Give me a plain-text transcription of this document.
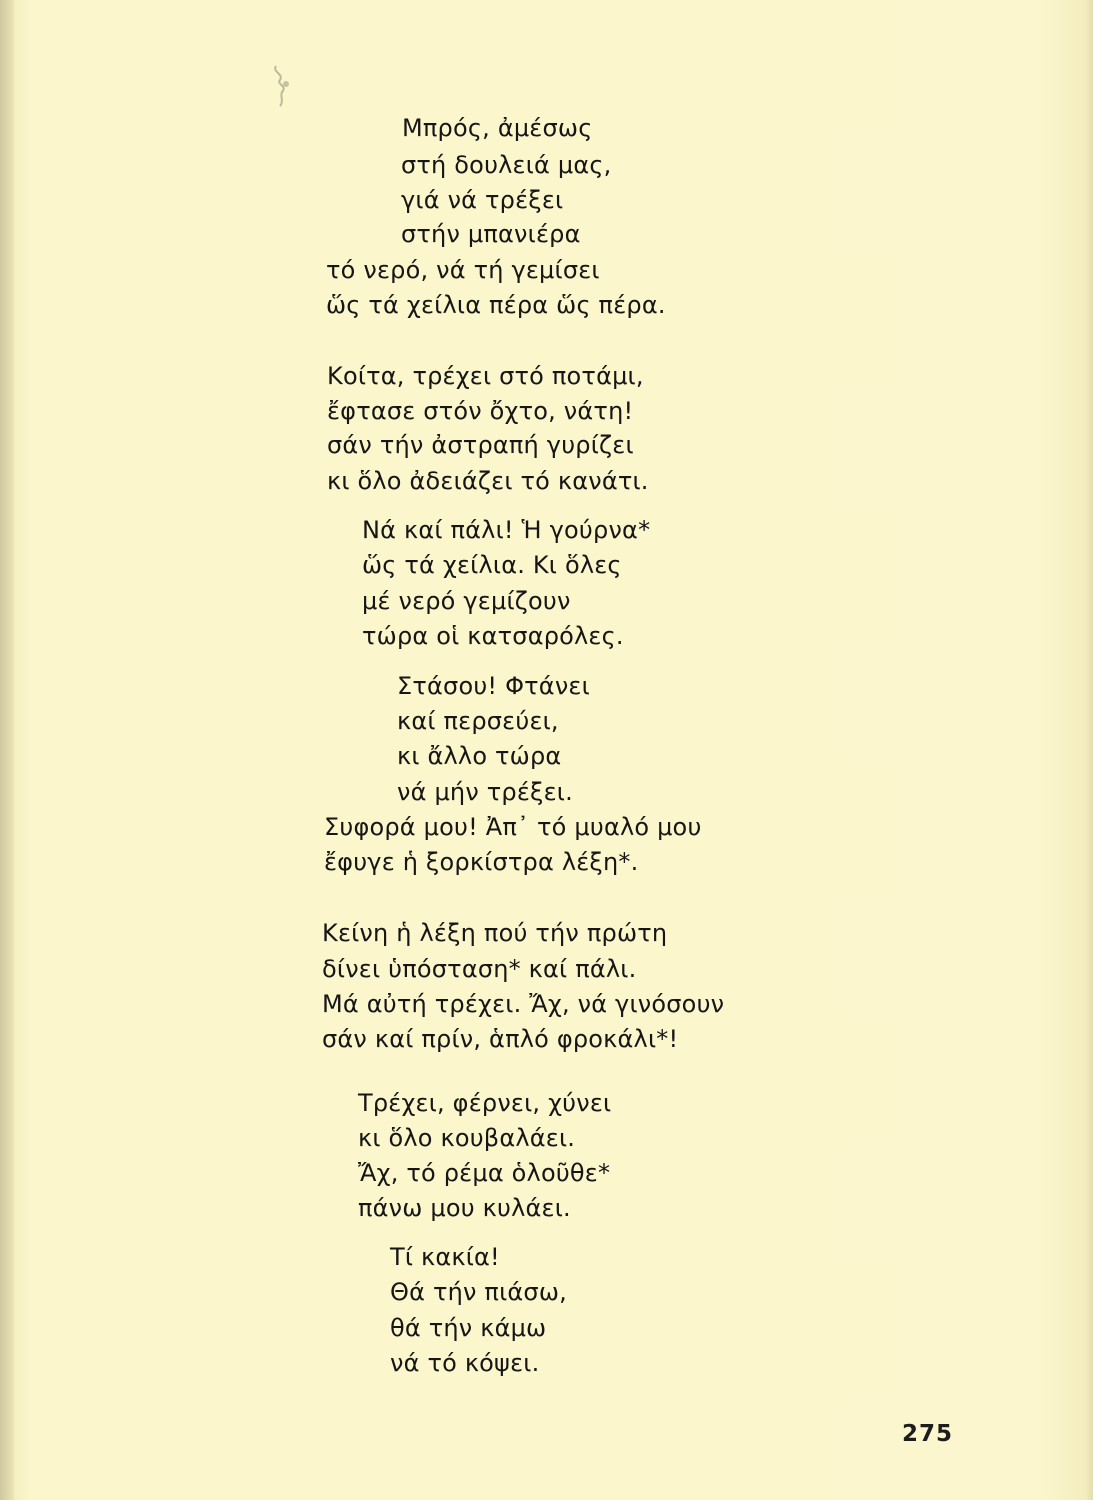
Μπρός, ἀμέσως
στή δουλειά μας,
γιά νά τρέξει
στήν μπανιέρα
τό νερό, νά τή γεμίσει
ὥς τά χείλια πέρα ὥς πέρα.
Κοίτα, τρέχει στό ποτάμι,
ἔφτασε στόν ὄχτο, νάτη!
σάν τήν ἀστραπή γυρίζει
κι ὅλο ἀδειάζει τό κανάτι.
Νά καί πάλι! Ἡ γούρνα*
ὥς τά χείλια. Κι ὅλες
μέ νερό γεμίζουν
τώρα οἱ κατσαρόλες.
Στάσου! Φτάνει
καί περσεύει,
κι ἄλλο τώρα
νά μήν τρέξει.
Συφορά μου! Ἀπ᾿ τό μυαλό μου
ἔφυγε ἡ ξορκίστρα λέξη*.
Κείνη ἡ λέξη πού τήν πρώτη
δίνει ὑπόσταση* καί πάλι.
Μά αὐτή τρέχει. Ἄχ, νά γινόσουν
σάν καί πρίν, ἁπλό φροκάλι*!
Τρέχει, φέρνει, χύνει
κι ὅλο κουβαλάει.
Ἄχ, τό ρέμα ὁλοῦθε*
πάνω μου κυλάει.
Τί κακία!
Θά τήν πιάσω,
θά τήν κάμω
νά τό κόψει.
275
